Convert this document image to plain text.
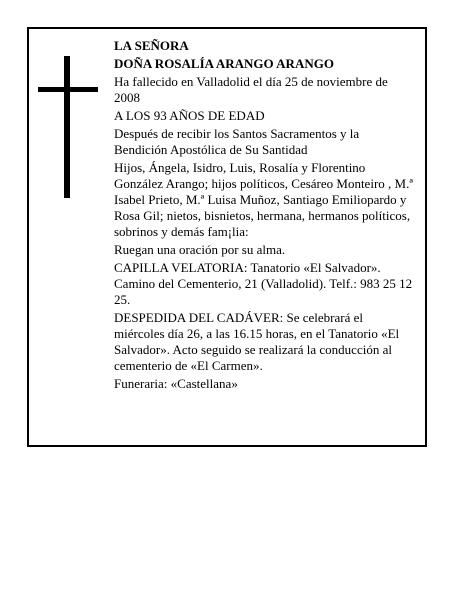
LA SEÑORA

DOÑA ROSALÍA ARANGO ARANGO

Ha fallecido en Valladolid el día 25 de noviembre de 2008

A LOS 93 AÑOS DE EDAD

Después de recibir los Santos Sacramentos y la Bendición Apostólica de Su Santidad

Hijos, Ángela, Isidro, Luis, Rosalía y Florentino González Arango; hijos políticos, Cesáreo Monteiro , M.ª Isabel Prieto, M.ª Luisa Muñoz, Santiago Emiliopardo y Rosa Gil; nietos, bisnietos, hermana, hermanos políticos, sobrinos y demás fam¡lia:

Ruegan una oración por su alma.

CAPILLA VELATORIA: Tanatorio «El Salvador». Camino del Cementerio, 21 (Valladolid). Telf.: 983 25 12 25.

DESPEDIDA DEL CADÁVER: Se celebrará el miércoles día 26, a las 16.15 horas, en el Tanatorio «El Salvador». Acto seguido se realizará la conducción al cementerio de «El Carmen».

Funeraria: «Castellana»
